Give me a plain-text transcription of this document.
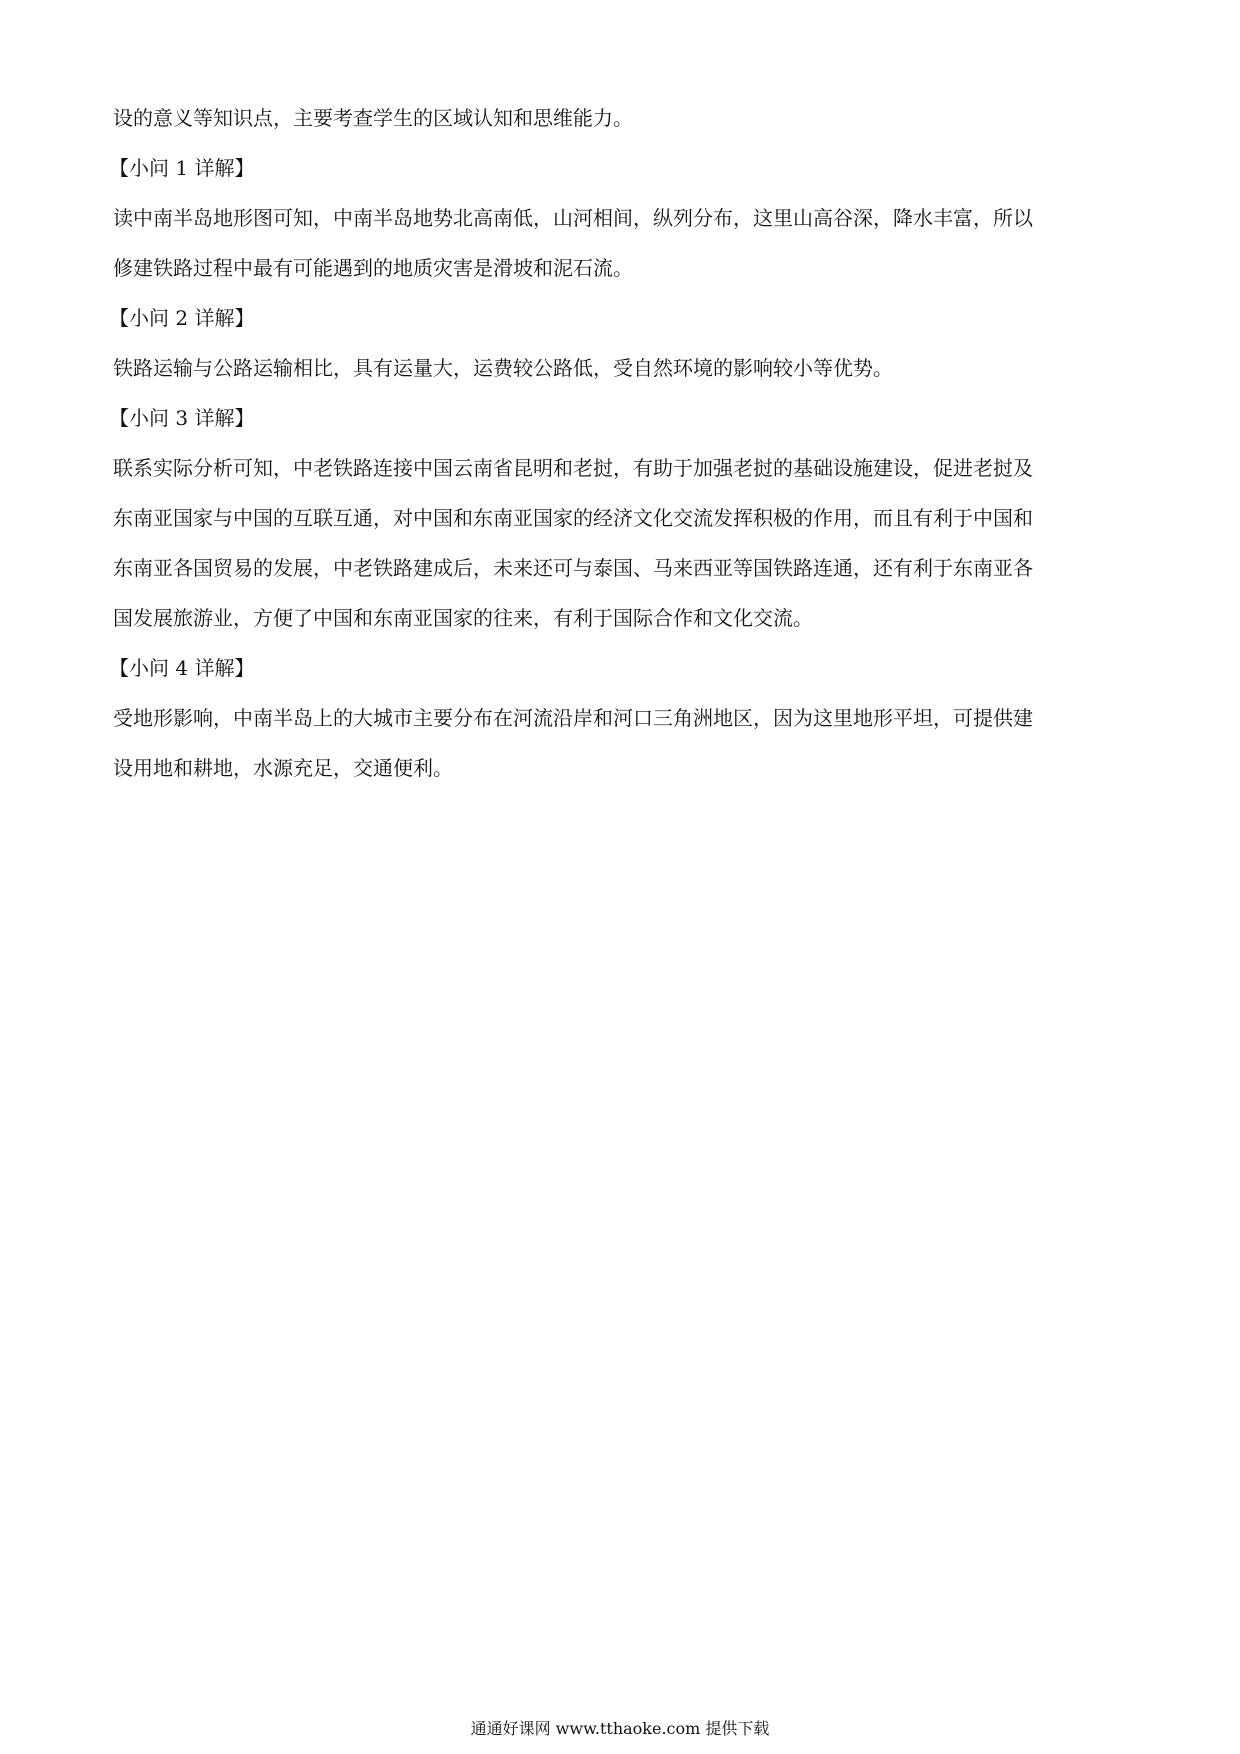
设的意义等知识点，主要考查学生的区域认知和思维能力。
【小问 1 详解】
读中南半岛地形图可知，中南半岛地势北高南低，山河相间，纵列分布，这里山高谷深，降水丰富，所以
修建铁路过程中最有可能遇到的地质灾害是滑坡和泥石流。
【小问 2 详解】
铁路运输与公路运输相比，具有运量大，运费较公路低，受自然环境的影响较小等优势。
【小问 3 详解】
联系实际分析可知，中老铁路连接中国云南省昆明和老挝，有助于加强老挝的基础设施建设，促进老挝及
东南亚国家与中国的互联互通，对中国和东南亚国家的经济文化交流发挥积极的作用，而且有利于中国和
东南亚各国贸易的发展，中老铁路建成后，未来还可与泰国、马来西亚等国铁路连通，还有利于东南亚各
国发展旅游业，方便了中国和东南亚国家的往来，有利于国际合作和文化交流。
【小问 4 详解】
受地形影响，中南半岛上的大城市主要分布在河流沿岸和河口三角洲地区，因为这里地形平坦，可提供建
设用地和耕地，水源充足，交通便利。
通通好课网 www.tthaoke.com 提供下载
